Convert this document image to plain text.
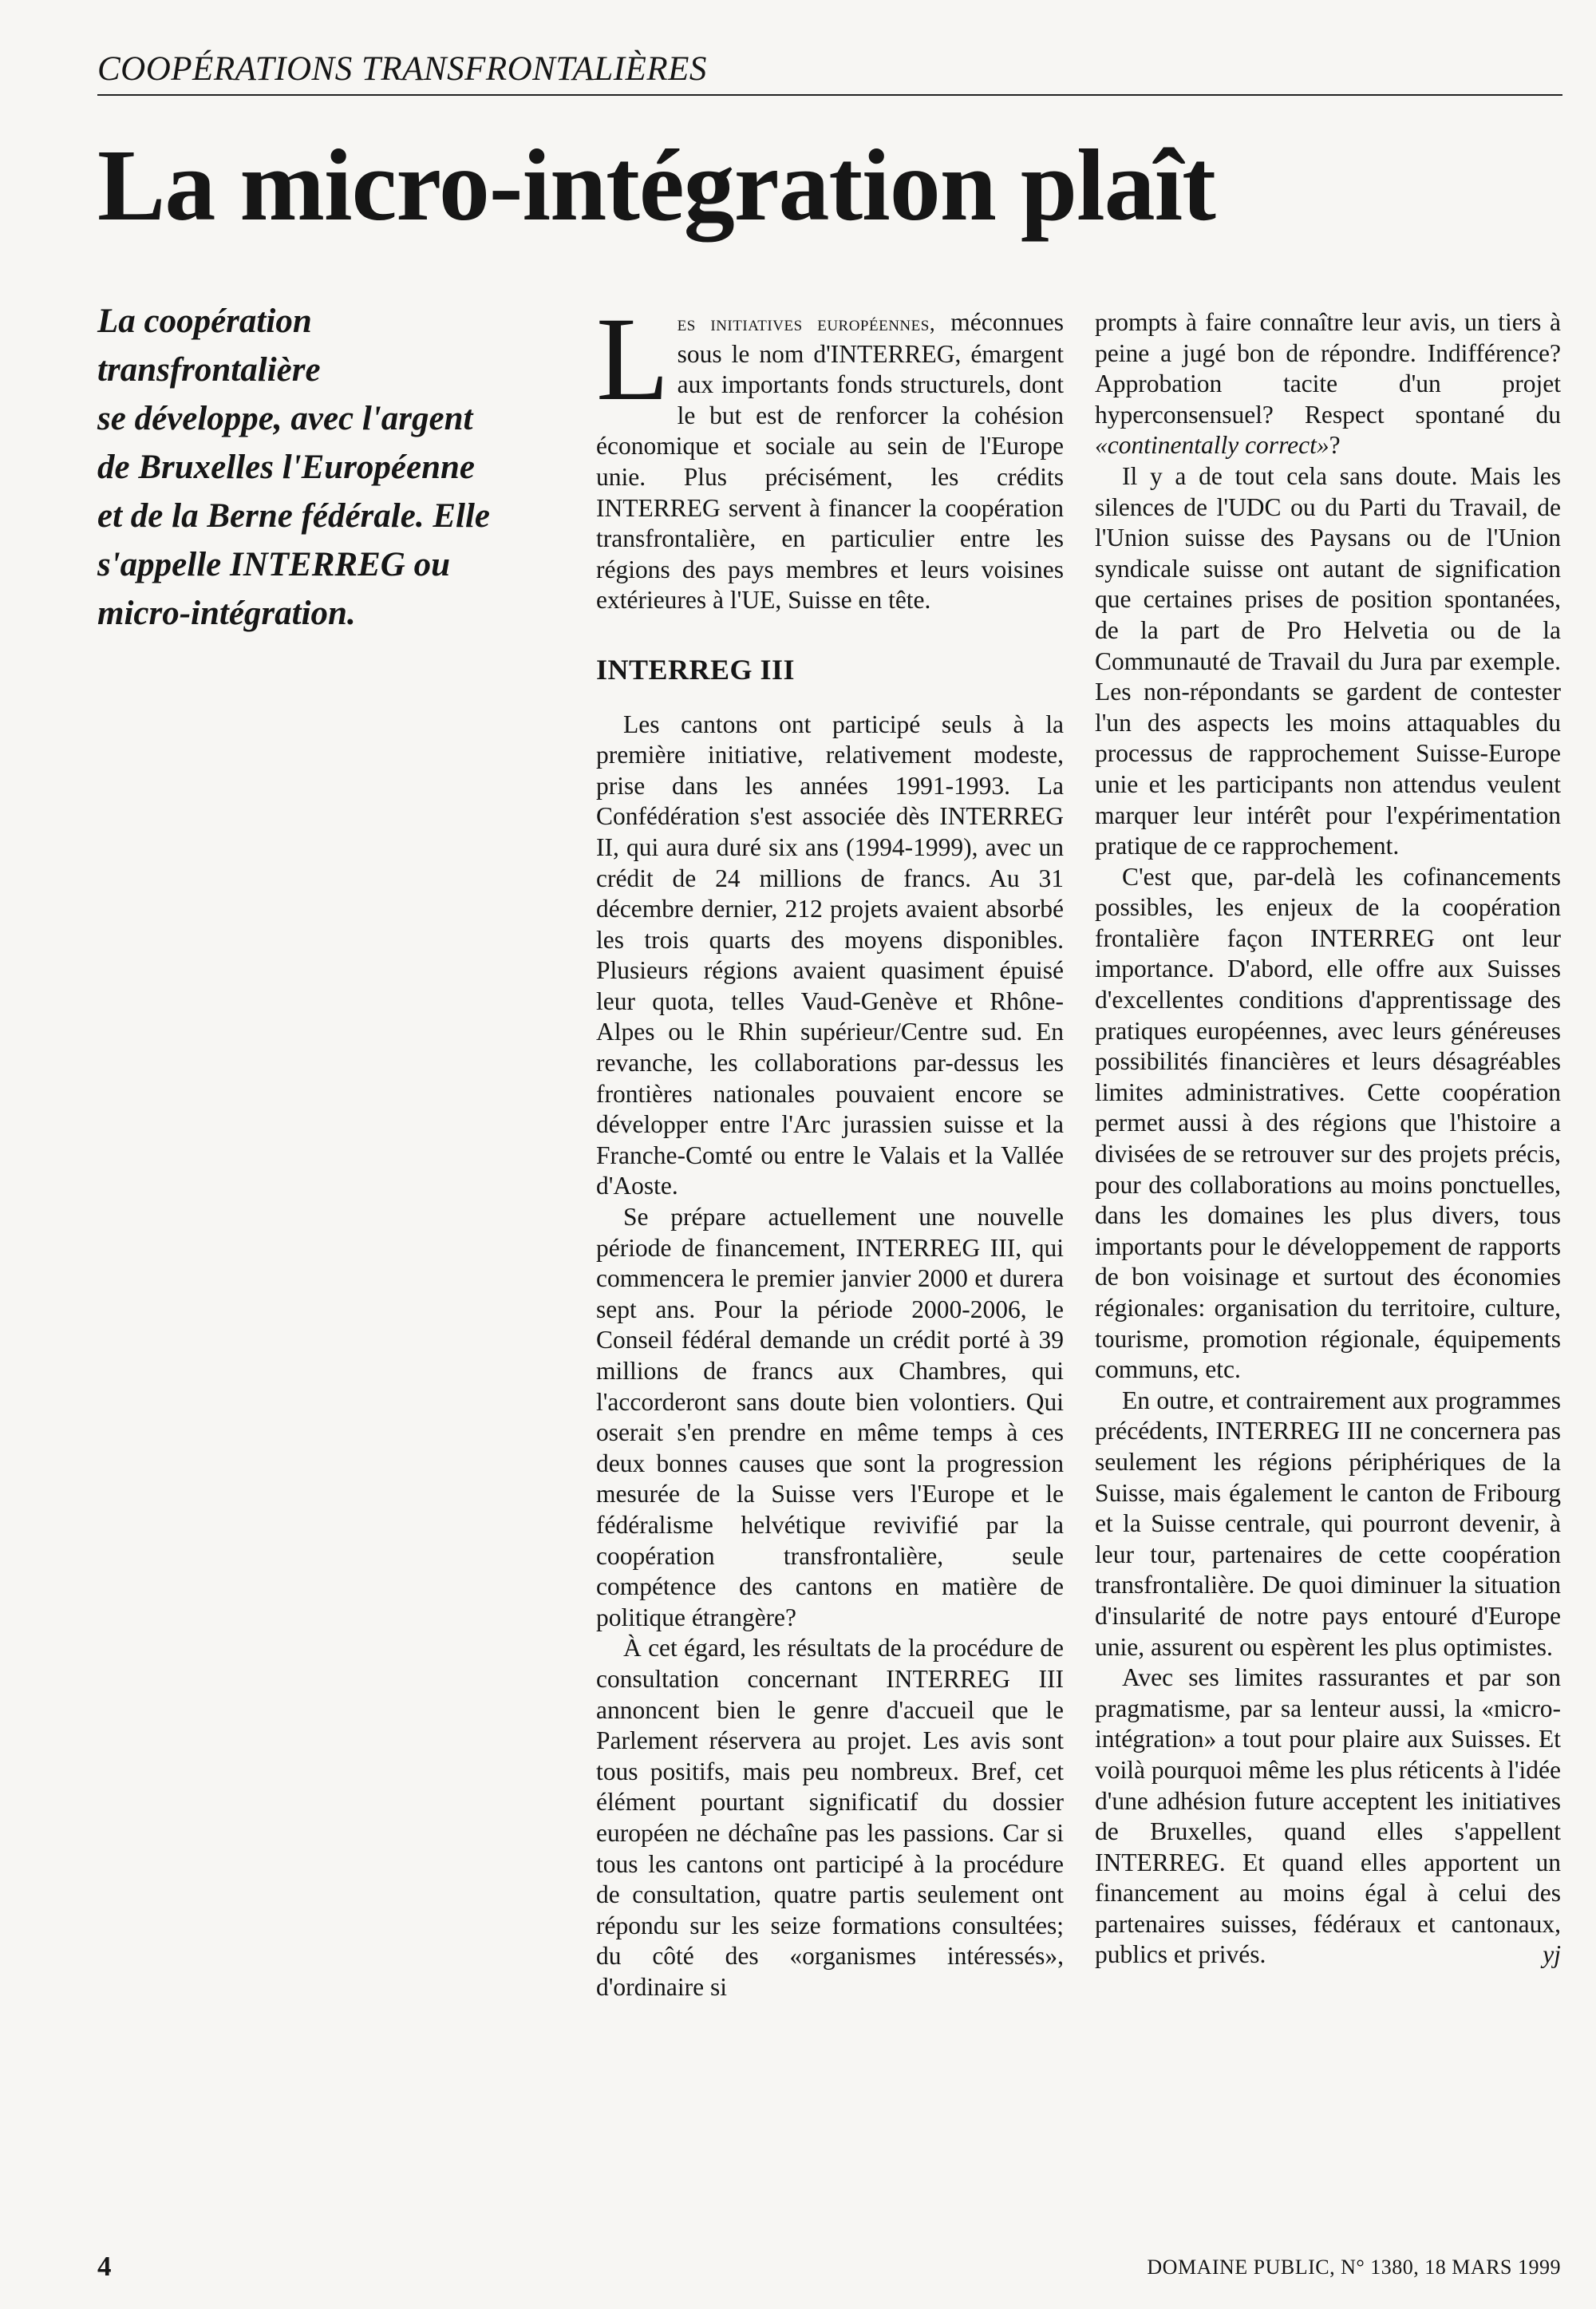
COOPÉRATIONS TRANSFRONTALIÈRES
La micro-intégration plaît
La coopération
transfrontalière
se développe, avec l'argent
de Bruxelles l'Européenne
et de la Berne fédérale. Elle
s'appelle INTERREG ou
micro-intégration.

Les initiatives européennes, méconnues sous le nom d'INTERREG, émargent aux importants fonds structurels, dont le but est de renforcer la cohésion économique et sociale au sein de l'Europe unie. Plus précisément, les crédits INTERREG servent à financer la coopération transfrontalière, en particulier entre les régions des pays membres et leurs voisines extérieures à l'UE, Suisse en tête.

INTERREG III

Les cantons ont participé seuls à la première initiative, relativement modeste, prise dans les années 1991-1993. La Confédération s'est associée dès INTERREG II, qui aura duré six ans (1994-1999), avec un crédit de 24 millions de francs. Au 31 décembre dernier, 212 projets avaient absorbé les trois quarts des moyens disponibles. Plusieurs régions avaient quasiment épuisé leur quota, telles Vaud-Genève et Rhône-Alpes ou le Rhin supérieur/Centre sud. En revanche, les collaborations par-dessus les frontières nationales pouvaient encore se développer entre l'Arc jurassien suisse et la Franche-Comté ou entre le Valais et la Vallée d'Aoste.

Se prépare actuellement une nouvelle période de financement, INTERREG III, qui commencera le premier janvier 2000 et durera sept ans. Pour la période 2000-2006, le Conseil fédéral demande un crédit porté à 39 millions de francs aux Chambres, qui l'accorderont sans doute bien volontiers. Qui oserait s'en prendre en même temps à ces deux bonnes causes que sont la progression mesurée de la Suisse vers l'Europe et le fédéralisme helvétique revivifié par la coopération transfrontalière, seule compétence des cantons en matière de politique étrangère?

À cet égard, les résultats de la procédure de consultation concernant INTERREG III annoncent bien le genre d'accueil que le Parlement réservera au projet. Les avis sont tous positifs, mais peu nombreux. Bref, cet élément pourtant significatif du dossier européen ne déchaîne pas les passions. Car si tous les cantons ont participé à la procédure de consultation, quatre partis seulement ont répondu sur les seize formations consultées; du côté des «organismes intéressés», d'ordinaire si

prompts à faire connaître leur avis, un tiers à peine a jugé bon de répondre. Indifférence? Approbation tacite d'un projet hyperconsensuel? Respect spontané du «continentally correct»?

Il y a de tout cela sans doute. Mais les silences de l'UDC ou du Parti du Travail, de l'Union suisse des Paysans ou de l'Union syndicale suisse ont autant de signification que certaines prises de position spontanées, de la part de Pro Helvetia ou de la Communauté de Travail du Jura par exemple. Les non-répondants se gardent de contester l'un des aspects les moins attaquables du processus de rapprochement Suisse-Europe unie et les participants non attendus veulent marquer leur intérêt pour l'expérimentation pratique de ce rapprochement.

C'est que, par-delà les cofinancements possibles, les enjeux de la coopération frontalière façon INTERREG ont leur importance. D'abord, elle offre aux Suisses d'excellentes conditions d'apprentissage des pratiques européennes, avec leurs généreuses possibilités financières et leurs désagréables limites administratives. Cette coopération permet aussi à des régions que l'histoire a divisées de se retrouver sur des projets précis, pour des collaborations au moins ponctuelles, dans les domaines les plus divers, tous importants pour le développement de rapports de bon voisinage et surtout des économies régionales: organisation du territoire, culture, tourisme, promotion régionale, équipements communs, etc.

En outre, et contrairement aux programmes précédents, INTERREG III ne concernera pas seulement les régions périphériques de la Suisse, mais également le canton de Fribourg et la Suisse centrale, qui pourront devenir, à leur tour, partenaires de cette coopération transfrontalière. De quoi diminuer la situation d'insularité de notre pays entouré d'Europe unie, assurent ou espèrent les plus optimistes.

Avec ses limites rassurantes et par son pragmatisme, par sa lenteur aussi, la «micro-intégration» a tout pour plaire aux Suisses. Et voilà pourquoi même les plus réticents à l'idée d'une adhésion future acceptent les initiatives de Bruxelles, quand elles s'appellent INTERREG. Et quand elles apportent un financement au moins égal à celui des partenaires suisses, fédéraux et cantonaux, publics et privés.	yj

4	DOMAINE PUBLIC, N° 1380, 18 MARS 1999
